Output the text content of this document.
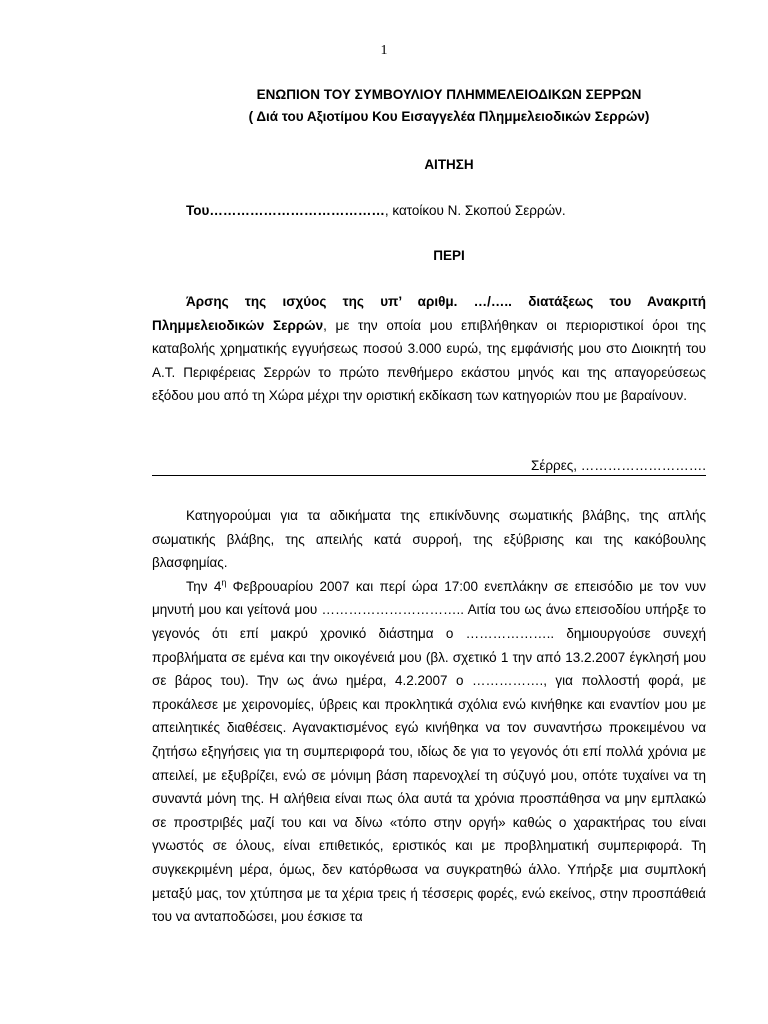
1
ΕΝΩΠΙΟΝ ΤΟΥ ΣΥΜΒΟΥΛΙΟΥ ΠΛΗΜΜΕΛΕΙΟΔΙΚΩΝ ΣΕΡΡΩΝ
( Διά του Αξιοτίμου Κου Εισαγγελέα Πλημμελειοδικών Σερρών)
ΑΙΤΗΣΗ
Του…………………………………, κατοίκου Ν. Σκοπού Σερρών.
ΠΕΡΙ

Άρσης της ισχύος της υπ’ αριθμ. …/….. διατάξεως του Ανακριτή Πλημμελειοδικών Σερρών, με την οποία μου επιβλήθηκαν οι περιοριστικοί όροι της καταβολής χρηματικής εγγυήσεως ποσού 3.000 ευρώ, της εμφάνισής μου στο Διοικητή του Α.Τ. Περιφέρειας Σερρών το πρώτο πενθήμερο εκάστου μηνός και της απαγορεύσεως εξόδου μου από τη Χώρα μέχρι την οριστική εκδίκαση των κατηγοριών που με βαραίνουν.

Σέρρες, ……………………….

Κατηγορούμαι για τα αδικήματα της επικίνδυνης σωματικής βλάβης, της απλής σωματικής βλάβης, της απειλής κατά συρροή, της εξύβρισης και της κακόβουλης βλασφημίας.

Την $4^\eta$ Φεβρουαρίου 2007 και περί ώρα 17:00 ενεπλάκην σε επεισόδιο με τον νυν μηνυτή μου και γείτονά μου ………………………….. Αιτία του ως άνω επεισοδίου υπήρξε το γεγονός ότι επί μακρύ χρονικό διάστημα ο ……………….. δημιουργούσε συνεχή προβλήματα σε εμένα και την οικογένειά μου (βλ. σχετικό 1 την από 13.2.2007 έγκλησή μου σε βάρος του). Την ως άνω ημέρα, 4.2.2007 ο ……………., για πολλοστή φορά, με προκάλεσε με χειρονομίες, ύβρεις και προκλητικά σχόλια ενώ κινήθηκε και εναντίον μου με απειλητικές διαθέσεις. Αγανακτισμένος εγώ κινήθηκα να τον συναντήσω προκειμένου να ζητήσω εξηγήσεις για τη συμπεριφορά του, ιδίως δε για το γεγονός ότι επί πολλά χρόνια με απειλεί, με εξυβρίζει, ενώ σε μόνιμη βάση παρενοχλεί τη σύζυγό μου, οπότε τυχαίνει να τη συναντά μόνη της. Η αλήθεια είναι πως όλα αυτά τα χρόνια προσπάθησα να μην εμπλακώ σε προστριβές μαζί του και να δίνω «τόπο στην οργή» καθώς ο χαρακτήρας του είναι γνωστός σε όλους, είναι επιθετικός, εριστικός και με προβληματική συμπεριφορά. Τη συγκεκριμένη μέρα, όμως, δεν κατόρθωσα να συγκρατηθώ άλλο. Υπήρξε μια συμπλοκή μεταξύ μας, τον χτύπησα με τα χέρια τρεις ή τέσσερις φορές, ενώ εκείνος, στην προσπάθειά του να ανταποδώσει, μου έσκισε τα
